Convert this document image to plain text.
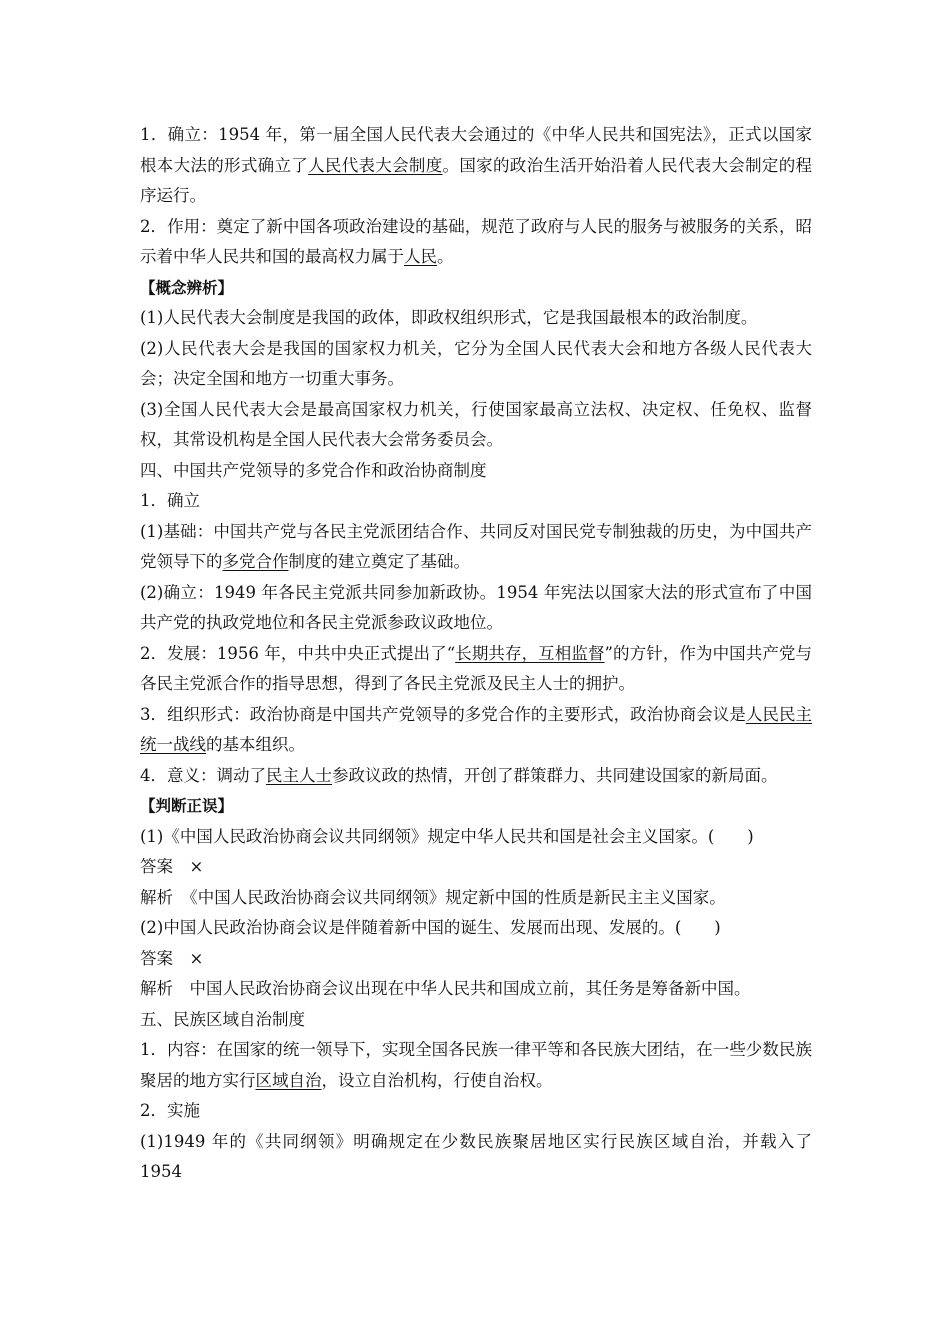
1．确立：1954 年，第一届全国人民代表大会通过的《中华人民共和国宪法》，正式以国家根本大法的形式确立了人民代表大会制度。国家的政治生活开始沿着人民代表大会制定的程序运行。

2．作用：奠定了新中国各项政治建设的基础，规范了政府与人民的服务与被服务的关系，昭示着中华人民共和国的最高权力属于人民。

【概念辨析】

(1)人民代表大会制度是我国的政体，即政权组织形式，它是我国最根本的政治制度。

(2)人民代表大会是我国的国家权力机关，它分为全国人民代表大会和地方各级人民代表大会；决定全国和地方一切重大事务。

(3)全国人民代表大会是最高国家权力机关，行使国家最高立法权、决定权、任免权、监督权，其常设机构是全国人民代表大会常务委员会。

四、中国共产党领导的多党合作和政治协商制度

1．确立

(1)基础：中国共产党与各民主党派团结合作、共同反对国民党专制独裁的历史，为中国共产党领导下的多党合作制度的建立奠定了基础。

(2)确立：1949 年各民主党派共同参加新政协。1954 年宪法以国家大法的形式宣布了中国共产党的执政党地位和各民主党派参政议政地位。

2．发展：1956 年，中共中央正式提出了“长期共存，互相监督”的方针，作为中国共产党与各民主党派合作的指导思想，得到了各民主党派及民主人士的拥护。

3．组织形式：政治协商是中国共产党领导的多党合作的主要形式，政治协商会议是人民民主统一战线的基本组织。

4．意义：调动了民主人士参政议政的热情，开创了群策群力、共同建设国家的新局面。

【判断正误】

(1)《中国人民政治协商会议共同纲领》规定中华人民共和国是社会主义国家。(　　)

答案　×

解析　《中国人民政治协商会议共同纲领》规定新中国的性质是新民主主义国家。

(2)中国人民政治协商会议是伴随着新中国的诞生、发展而出现、发展的。(　　)

答案　×

解析　中国人民政治协商会议出现在中华人民共和国成立前，其任务是筹备新中国。

五、民族区域自治制度

1．内容：在国家的统一领导下，实现全国各民族一律平等和各民族大团结，在一些少数民族聚居的地方实行区域自治，设立自治机构，行使自治权。

2．实施

(1)1949 年的《共同纲领》明确规定在少数民族聚居地区实行民族区域自治，并载入了 1954
